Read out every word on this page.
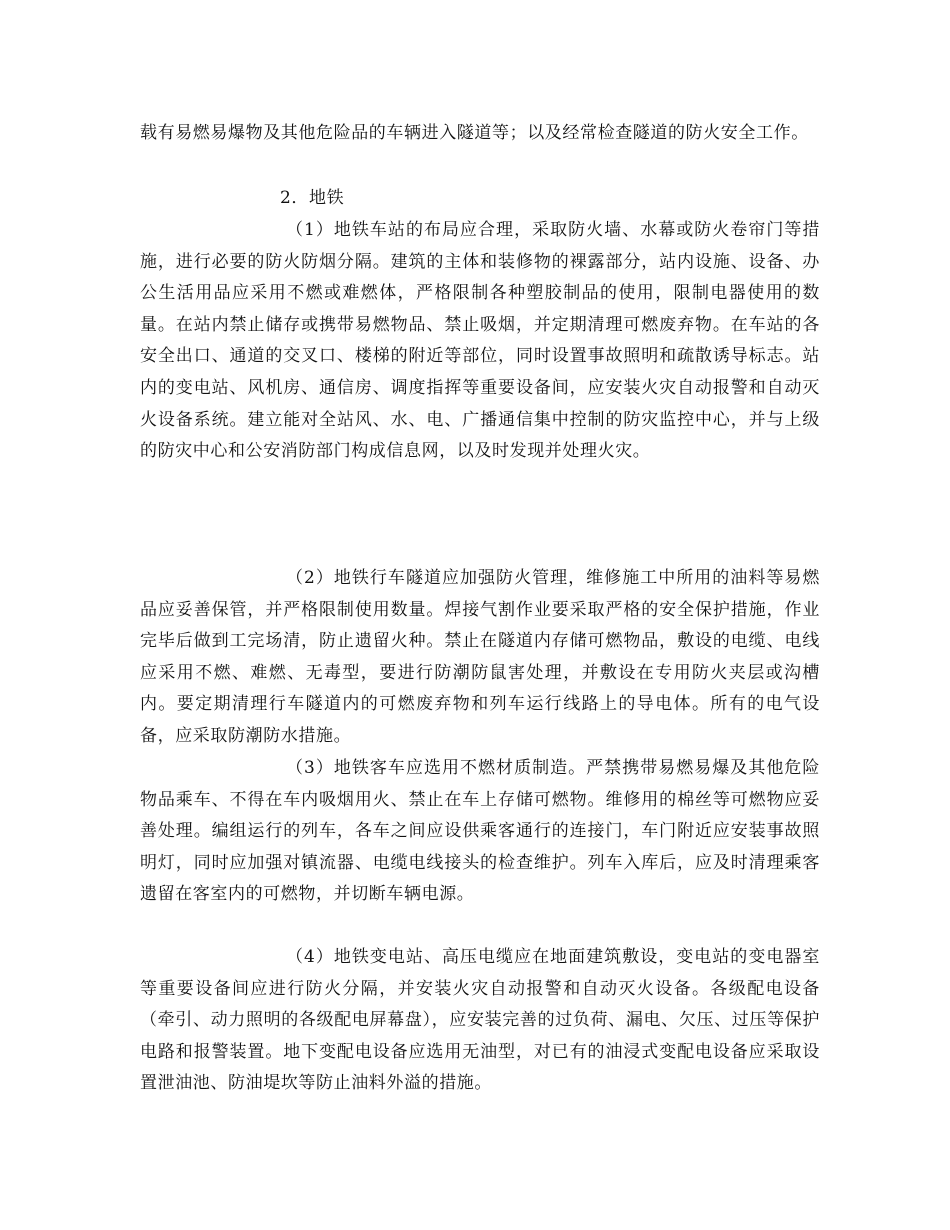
载有易燃易爆物及其他危险品的车辆进入隧道等；以及经常检查隧道的防火安全工作。

2．地铁

（1）地铁车站的布局应合理，采取防火墙、水幕或防火卷帘门等措施，进行必要的防火防烟分隔。建筑的主体和装修物的裸露部分，站内设施、设备、办公生活用品应采用不燃或难燃体，严格限制各种塑胶制品的使用，限制电器使用的数量。在站内禁止储存或携带易燃物品、禁止吸烟，并定期清理可燃废弃物。在车站的各安全出口、通道的交叉口、楼梯的附近等部位，同时设置事故照明和疏散诱导标志。站内的变电站、风机房、通信房、调度指挥等重要设备间，应安装火灾自动报警和自动灭火设备系统。建立能对全站风、水、电、广播通信集中控制的防灾监控中心，并与上级的防灾中心和公安消防部门构成信息网，以及时发现并处理火灾。

（2）地铁行车隧道应加强防火管理，维修施工中所用的油料等易燃品应妥善保管，并严格限制使用数量。焊接气割作业要采取严格的安全保护措施，作业完毕后做到工完场清，防止遗留火种。禁止在隧道内存储可燃物品，敷设的电缆、电线应采用不燃、难燃、无毒型，要进行防潮防鼠害处理，并敷设在专用防火夹层或沟槽内。要定期清理行车隧道内的可燃废弃物和列车运行线路上的导电体。所有的电气设备，应采取防潮防水措施。

（3）地铁客车应选用不燃材质制造。严禁携带易燃易爆及其他危险物品乘车、不得在车内吸烟用火、禁止在车上存储可燃物。维修用的棉丝等可燃物应妥善处理。编组运行的列车，各车之间应设供乘客通行的连接门，车门附近应安装事故照明灯，同时应加强对镇流器、电缆电线接头的检查维护。列车入库后，应及时清理乘客遗留在客室内的可燃物，并切断车辆电源。

（4）地铁变电站、高压电缆应在地面建筑敷设，变电站的变电器室等重要设备间应进行防火分隔，并安装火灾自动报警和自动灭火设备。各级配电设备（牵引、动力照明的各级配电屏幕盘），应安装完善的过负荷、漏电、欠压、过压等保护电路和报警装置。地下变配电设备应选用无油型，对已有的油浸式变配电设备应采取设置泄油池、防油堤坎等防止油料外溢的措施。
